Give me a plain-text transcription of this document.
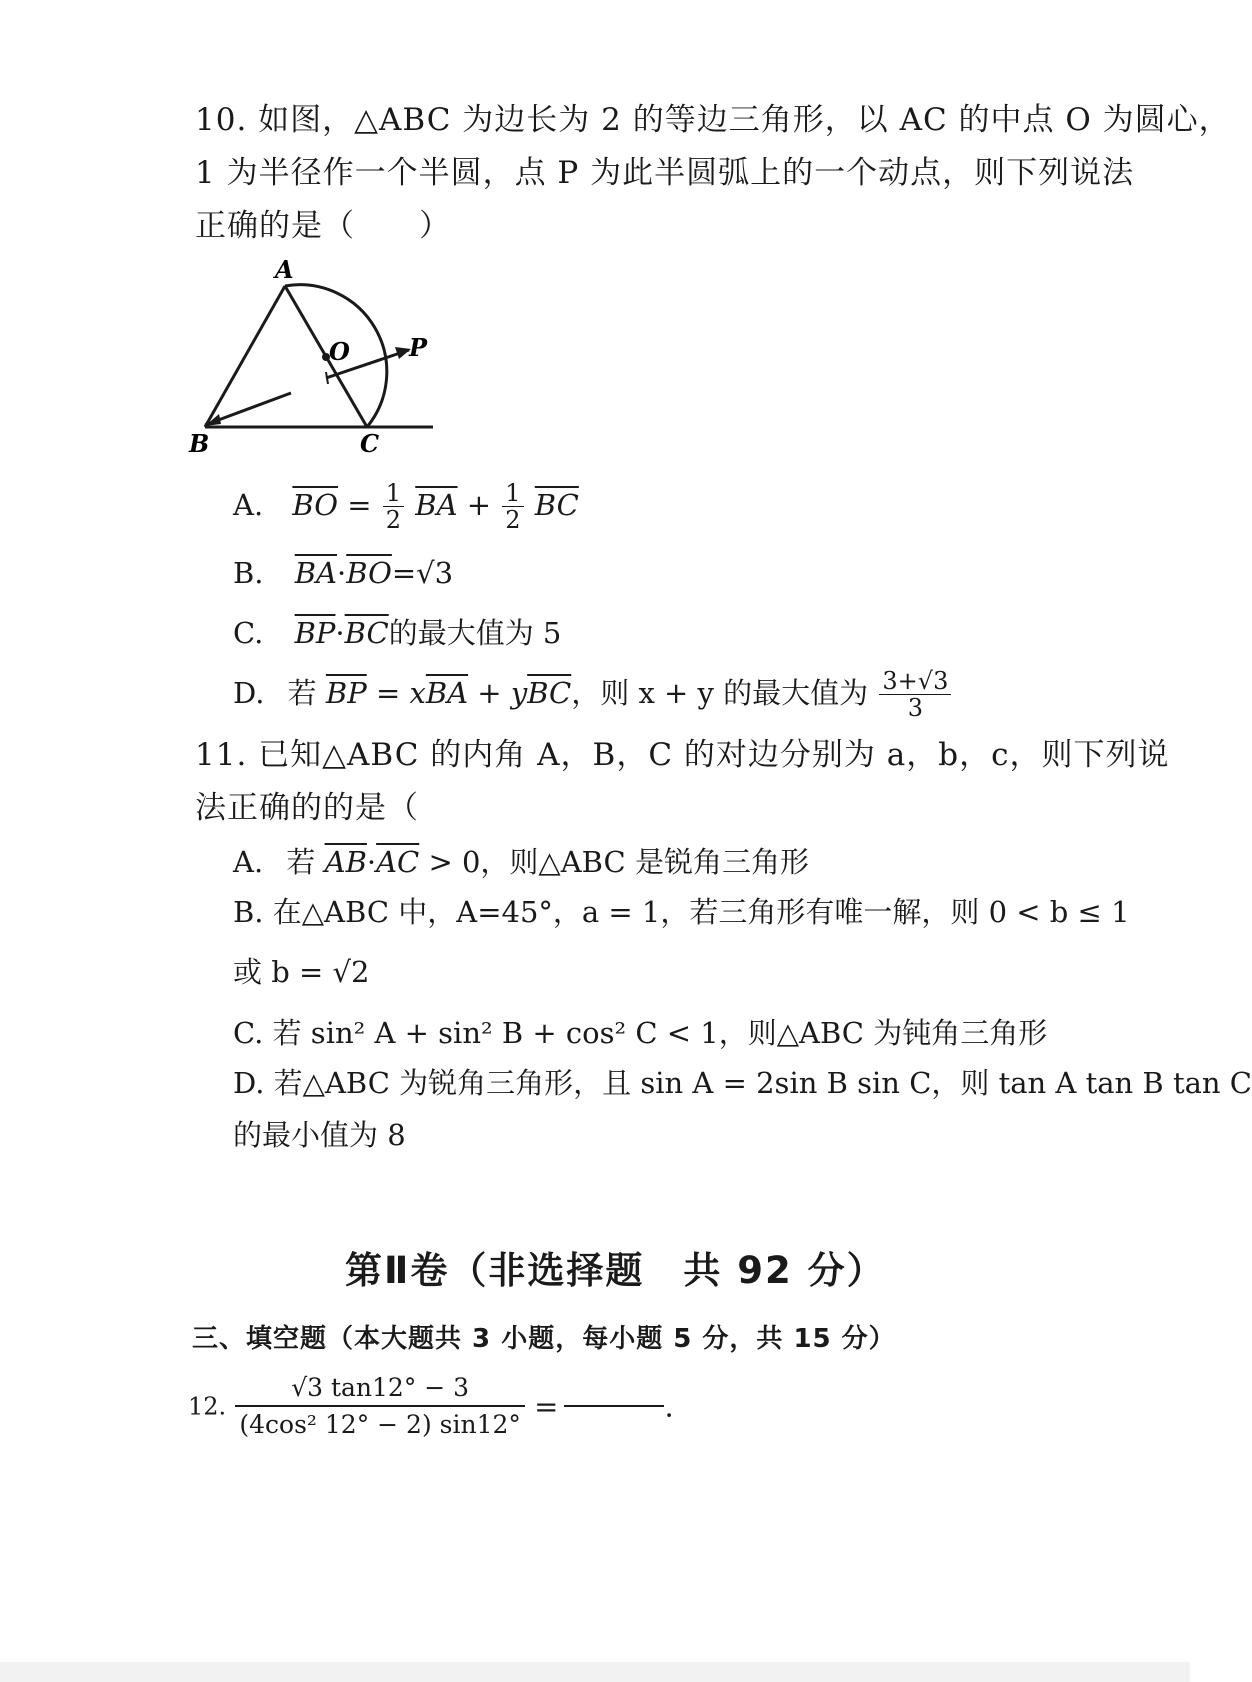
10. 如图，△ABC 为边长为 2 的等边三角形，以 AC 的中点 O 为圆心，
1 为半径作一个半圆，点 P 为此半圆弧上的一个动点，则下列说法
正确的是（　　）
A
B	C
O P
A. $\overline{BO} = \frac{1}{2} \overline{BA} + \frac{1}{2} \overline{BC}$
B. $\overline{BA}\cdot\overline{BO}=√3$
C. $\overline{BP}\cdot\overline{BC}$的最大值为 5
D. 若 $\overline{BP} = x\overline{BA} + y\overline{BC}$，则 x + y 的最大值为 $\frac{3+√3}{3}$
11. 已知△ABC 的内角 A，B，C 的对边分别为 a，b，c，则下列说
法正确的的是（
A. 若 $\overline{AB}\cdot\overline{AC} > 0$，则△ABC 是锐角三角形
B. 在△ABC 中，A=45°，a = 1，若三角形有唯一解，则 0 < b ≤ 1
或 b = √2
C. 若 sin² A + sin² B + cos² C < 1，则△ABC 为钝角三角形
D. 若△ABC 为锐角三角形，且 sin A = 2sin B sin C，则 tan A tan B tan C
的最小值为 8
第Ⅱ卷（非选择题　共 92 分）
三、填空题（本大题共 3 小题，每小题 5 分，共 15 分）
12. $\frac{√3 \tan 12^\circ - 3}{\text{(4cos² 12° − 2) sin12°}}$ =	.
